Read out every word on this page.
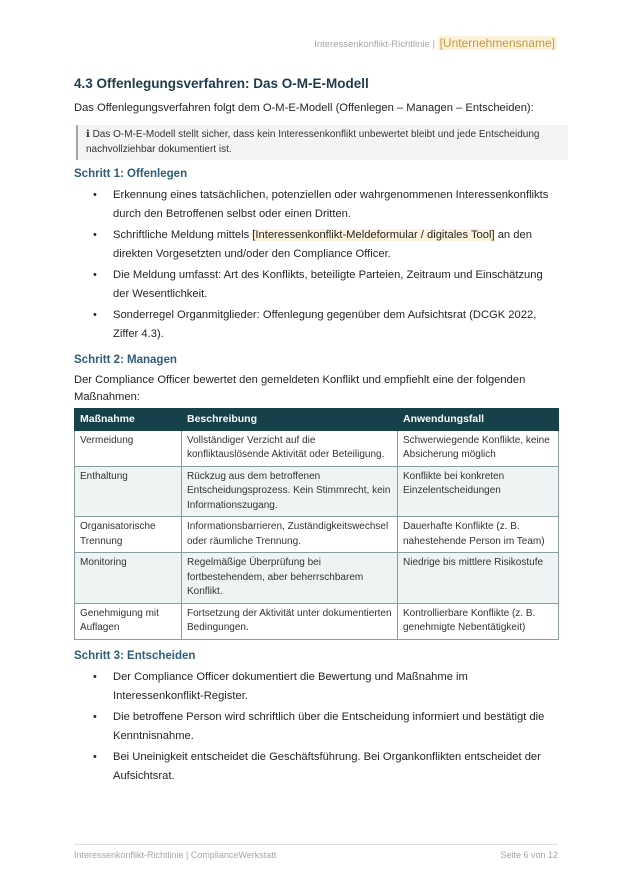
Interessenkonflikt-Richtlinie | [Unternehmensname]
4.3 Offenlegungsverfahren: Das O-M-E-Modell

Das Offenlegungsverfahren folgt dem O-M-E-Modell (Offenlegen – Managen – Entscheiden):

ℹ Das O-M-E-Modell stellt sicher, dass kein Interessenkonflikt unbewertet bleibt und jede Entscheidung nachvollziehbar dokumentiert ist.
Schritt 1: Offenlegen
• Erkennung eines tatsächlichen, potenziellen oder wahrgenommenen Interessenkonflikts durch den Betroffenen selbst oder einen Dritten.
• Schriftliche Meldung mittels [Interessenkonflikt-Meldeformular / digitales Tool] an den direkten Vorgesetzten und/oder den Compliance Officer.
• Die Meldung umfasst: Art des Konflikts, beteiligte Parteien, Zeitraum und Einschätzung der Wesentlichkeit.
• Sonderregel Organmitglieder: Offenlegung gegenüber dem Aufsichtsrat (DCGK 2022, Ziffer 4.3).
Schritt 2: Managen

Der Compliance Officer bewertet den gemeldeten Konflikt und empfiehlt eine der folgenden Maßnahmen:

Maßnahme	Beschreibung	Anwendungsfall
Vermeidung	Vollständiger Verzicht auf die konfliktauslösende Aktivität oder Beteiligung.	Schwerwiegende Konflikte, keine Absicherung möglich
Enthaltung	Rückzug aus dem betroffenen Entscheidungsprozess. Kein Stimmrecht, kein Informationszugang.	Konflikte bei konkreten Einzelentscheidungen
Organisatorische Trennung	Informationsbarrieren, Zuständigkeitswechsel oder räumliche Trennung.	Dauerhafte Konflikte (z. B. nahestehende Person im Team)
Monitoring	Regelmäßige Überprüfung bei fortbestehendem, aber beherrschbarem Konflikt.	Niedrige bis mittlere Risikostufe
Genehmigung mit Auflagen	Fortsetzung der Aktivität unter dokumentierten Bedingungen.	Kontrollierbare Konflikte (z. B. genehmigte Nebentätigkeit)
Schritt 3: Entscheiden
• Der Compliance Officer dokumentiert die Bewertung und Maßnahme im Interessenkonflikt-Register.
• Die betroffene Person wird schriftlich über die Entscheidung informiert und bestätigt die Kenntnisnahme.
• Bei Uneinigkeit entscheidet die Geschäftsführung. Bei Organkonflikten entscheidet der Aufsichtsrat.
Interessenkonflikt-Richtlinie | ComplianceWerkstatt	Seite 6 von 12
